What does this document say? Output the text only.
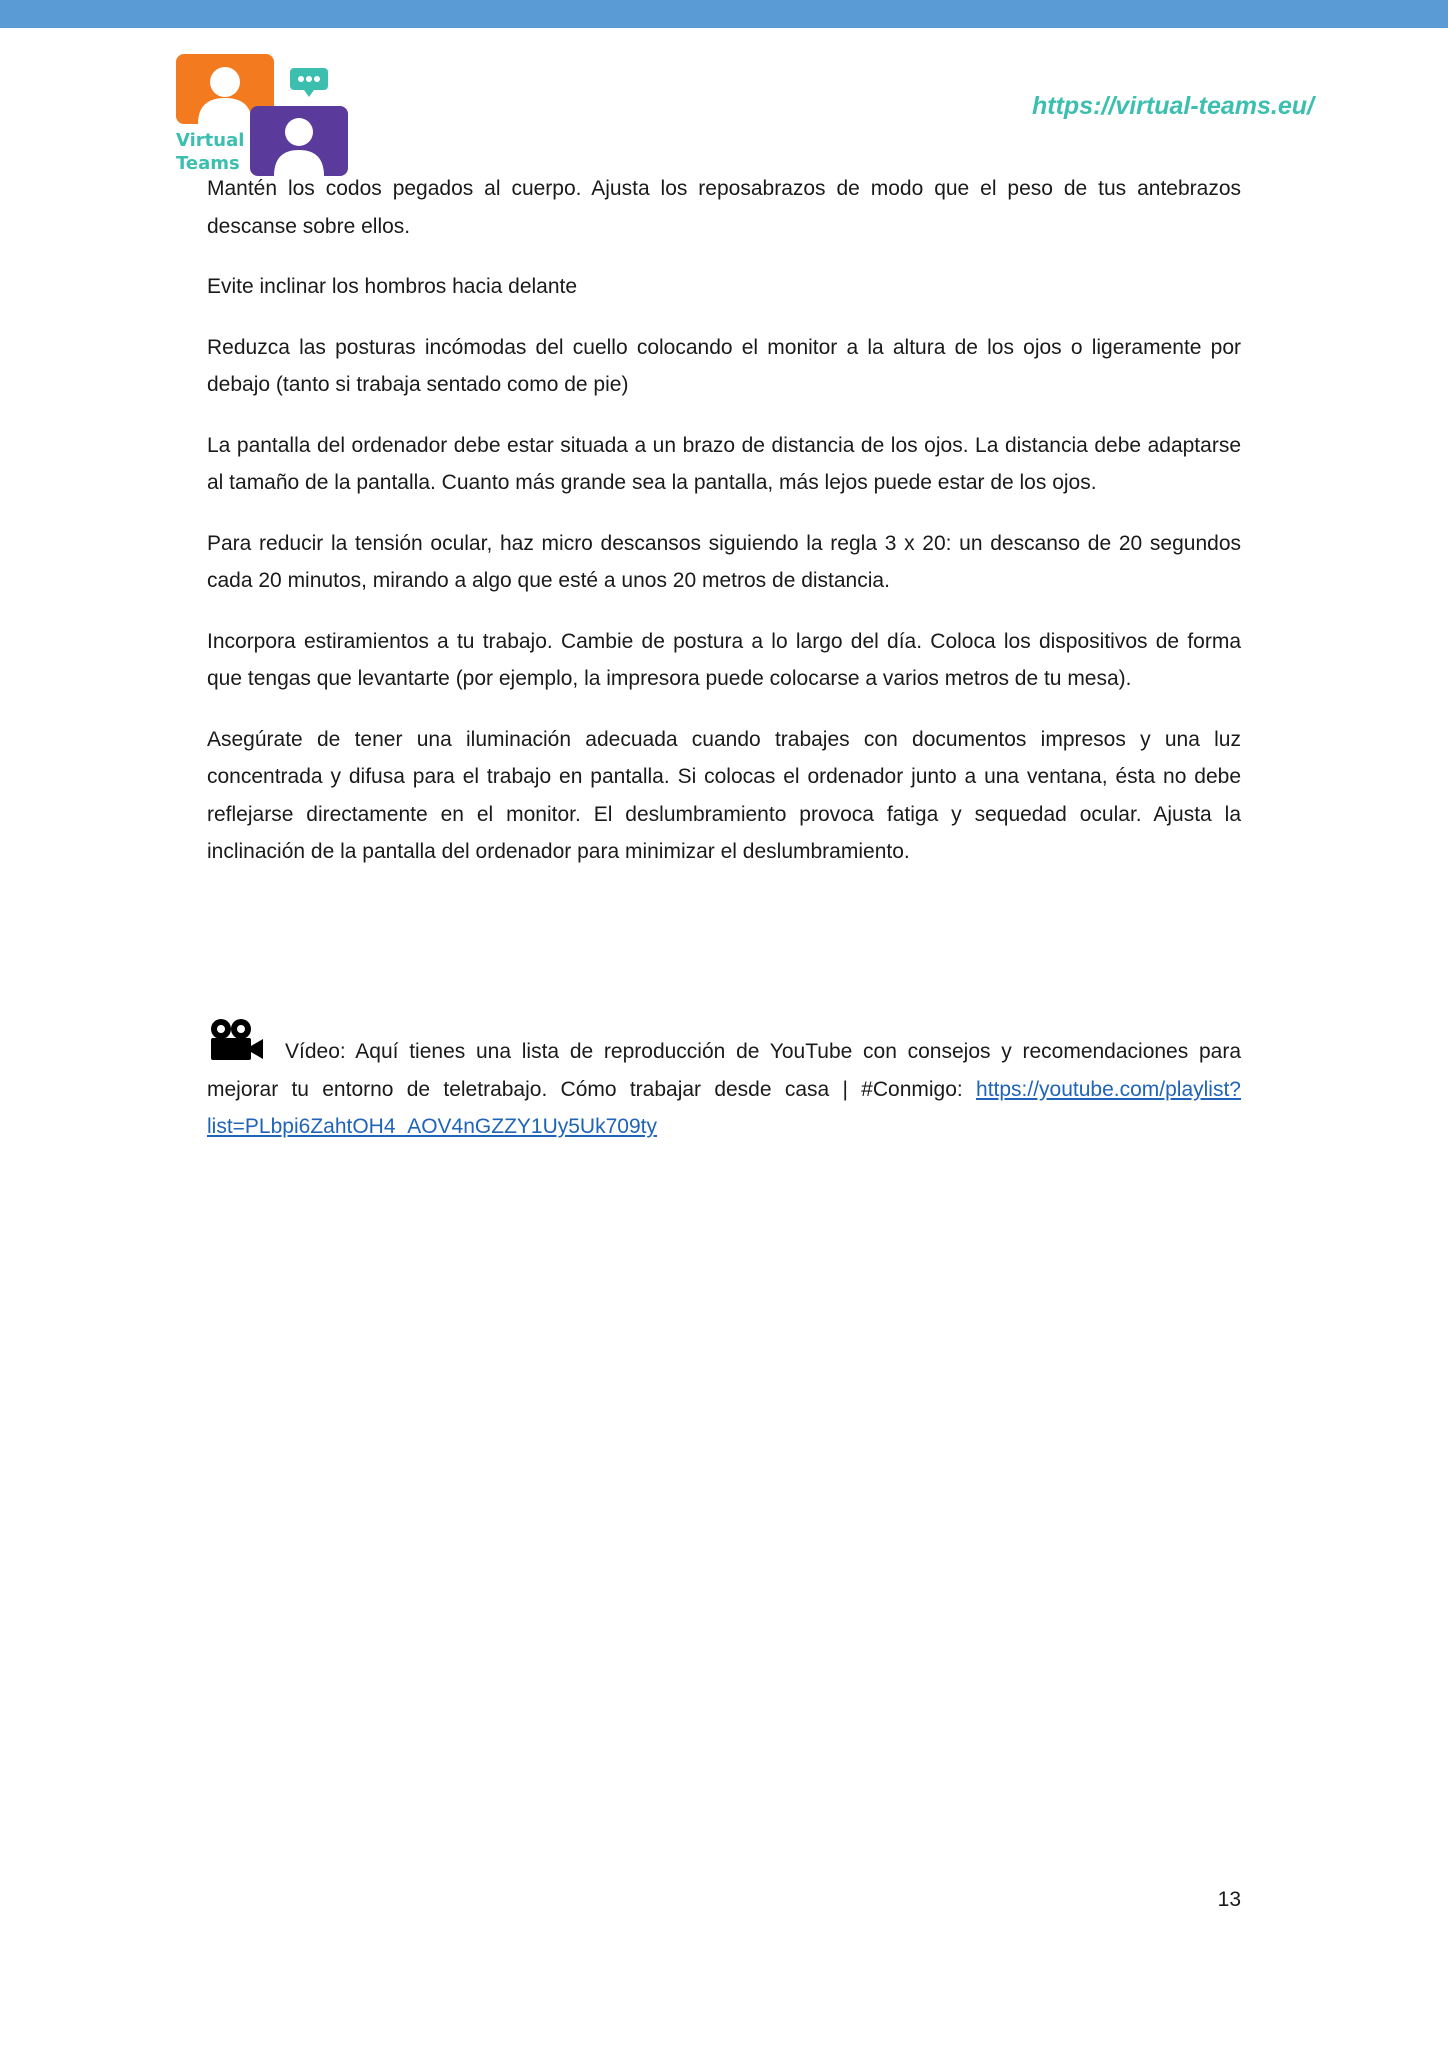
Virtual
Teams
https://virtual-teams.eu/

Mantén los codos pegados al cuerpo. Ajusta los reposabrazos de modo que el peso de tus antebrazos descanse sobre ellos.

Evite inclinar los hombros hacia delante

Reduzca las posturas incómodas del cuello colocando el monitor a la altura de los ojos o ligeramente por debajo (tanto si trabaja sentado como de pie)

La pantalla del ordenador debe estar situada a un brazo de distancia de los ojos. La distancia debe adaptarse al tamaño de la pantalla. Cuanto más grande sea la pantalla, más lejos puede estar de los ojos.

Para reducir la tensión ocular, haz micro descansos siguiendo la regla 3 x 20: un descanso de 20 segundos cada 20 minutos, mirando a algo que esté a unos 20 metros de distancia.

Incorpora estiramientos a tu trabajo. Cambie de postura a lo largo del día. Coloca los dispositivos de forma que tengas que levantarte (por ejemplo, la impresora puede colocarse a varios metros de tu mesa).

Asegúrate de tener una iluminación adecuada cuando trabajes con documentos impresos y una luz concentrada y difusa para el trabajo en pantalla. Si colocas el ordenador junto a una ventana, ésta no debe reflejarse directamente en el monitor. El deslumbramiento provoca fatiga y sequedad ocular. Ajusta la inclinación de la pantalla del ordenador para minimizar el deslumbramiento.

Vídeo: Aquí tienes una lista de reproducción de YouTube con consejos y recomendaciones para mejorar tu entorno de teletrabajo. Cómo trabajar desde casa | #Conmigo: https://youtube.com/playlist?list=PLbpi6ZahtOH4_AOV4nGZZY1Uy5Uk709ty
13
